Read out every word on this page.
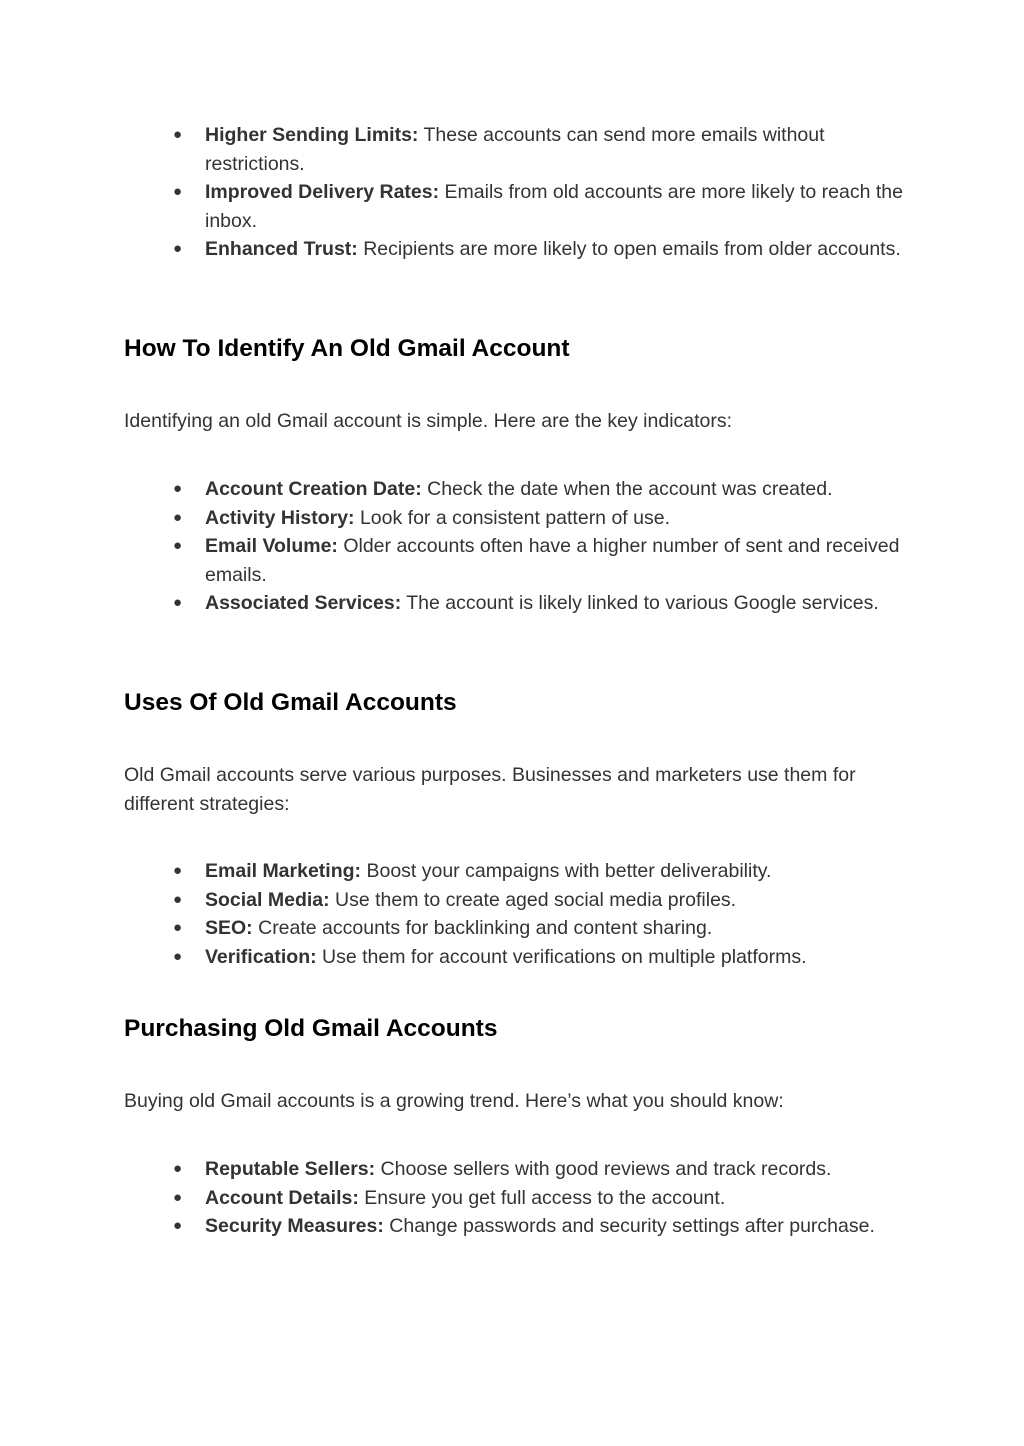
● Higher Sending Limits: These accounts can send more emails without restrictions.
● Improved Delivery Rates: Emails from old accounts are more likely to reach the inbox.
● Enhanced Trust: Recipients are more likely to open emails from older accounts.
How To Identify An Old Gmail Account

Identifying an old Gmail account is simple. Here are the key indicators:

● Account Creation Date: Check the date when the account was created.
● Activity History: Look for a consistent pattern of use.
● Email Volume: Older accounts often have a higher number of sent and received emails.
● Associated Services: The account is likely linked to various Google services.
Uses Of Old Gmail Accounts

Old Gmail accounts serve various purposes. Businesses and marketers use them for different strategies:

● Email Marketing: Boost your campaigns with better deliverability.
● Social Media: Use them to create aged social media profiles.
● SEO: Create accounts for backlinking and content sharing.
● Verification: Use them for account verifications on multiple platforms.
Purchasing Old Gmail Accounts

Buying old Gmail accounts is a growing trend. Here’s what you should know:

● Reputable Sellers: Choose sellers with good reviews and track records.
● Account Details: Ensure you get full access to the account.
● Security Measures: Change passwords and security settings after purchase.
